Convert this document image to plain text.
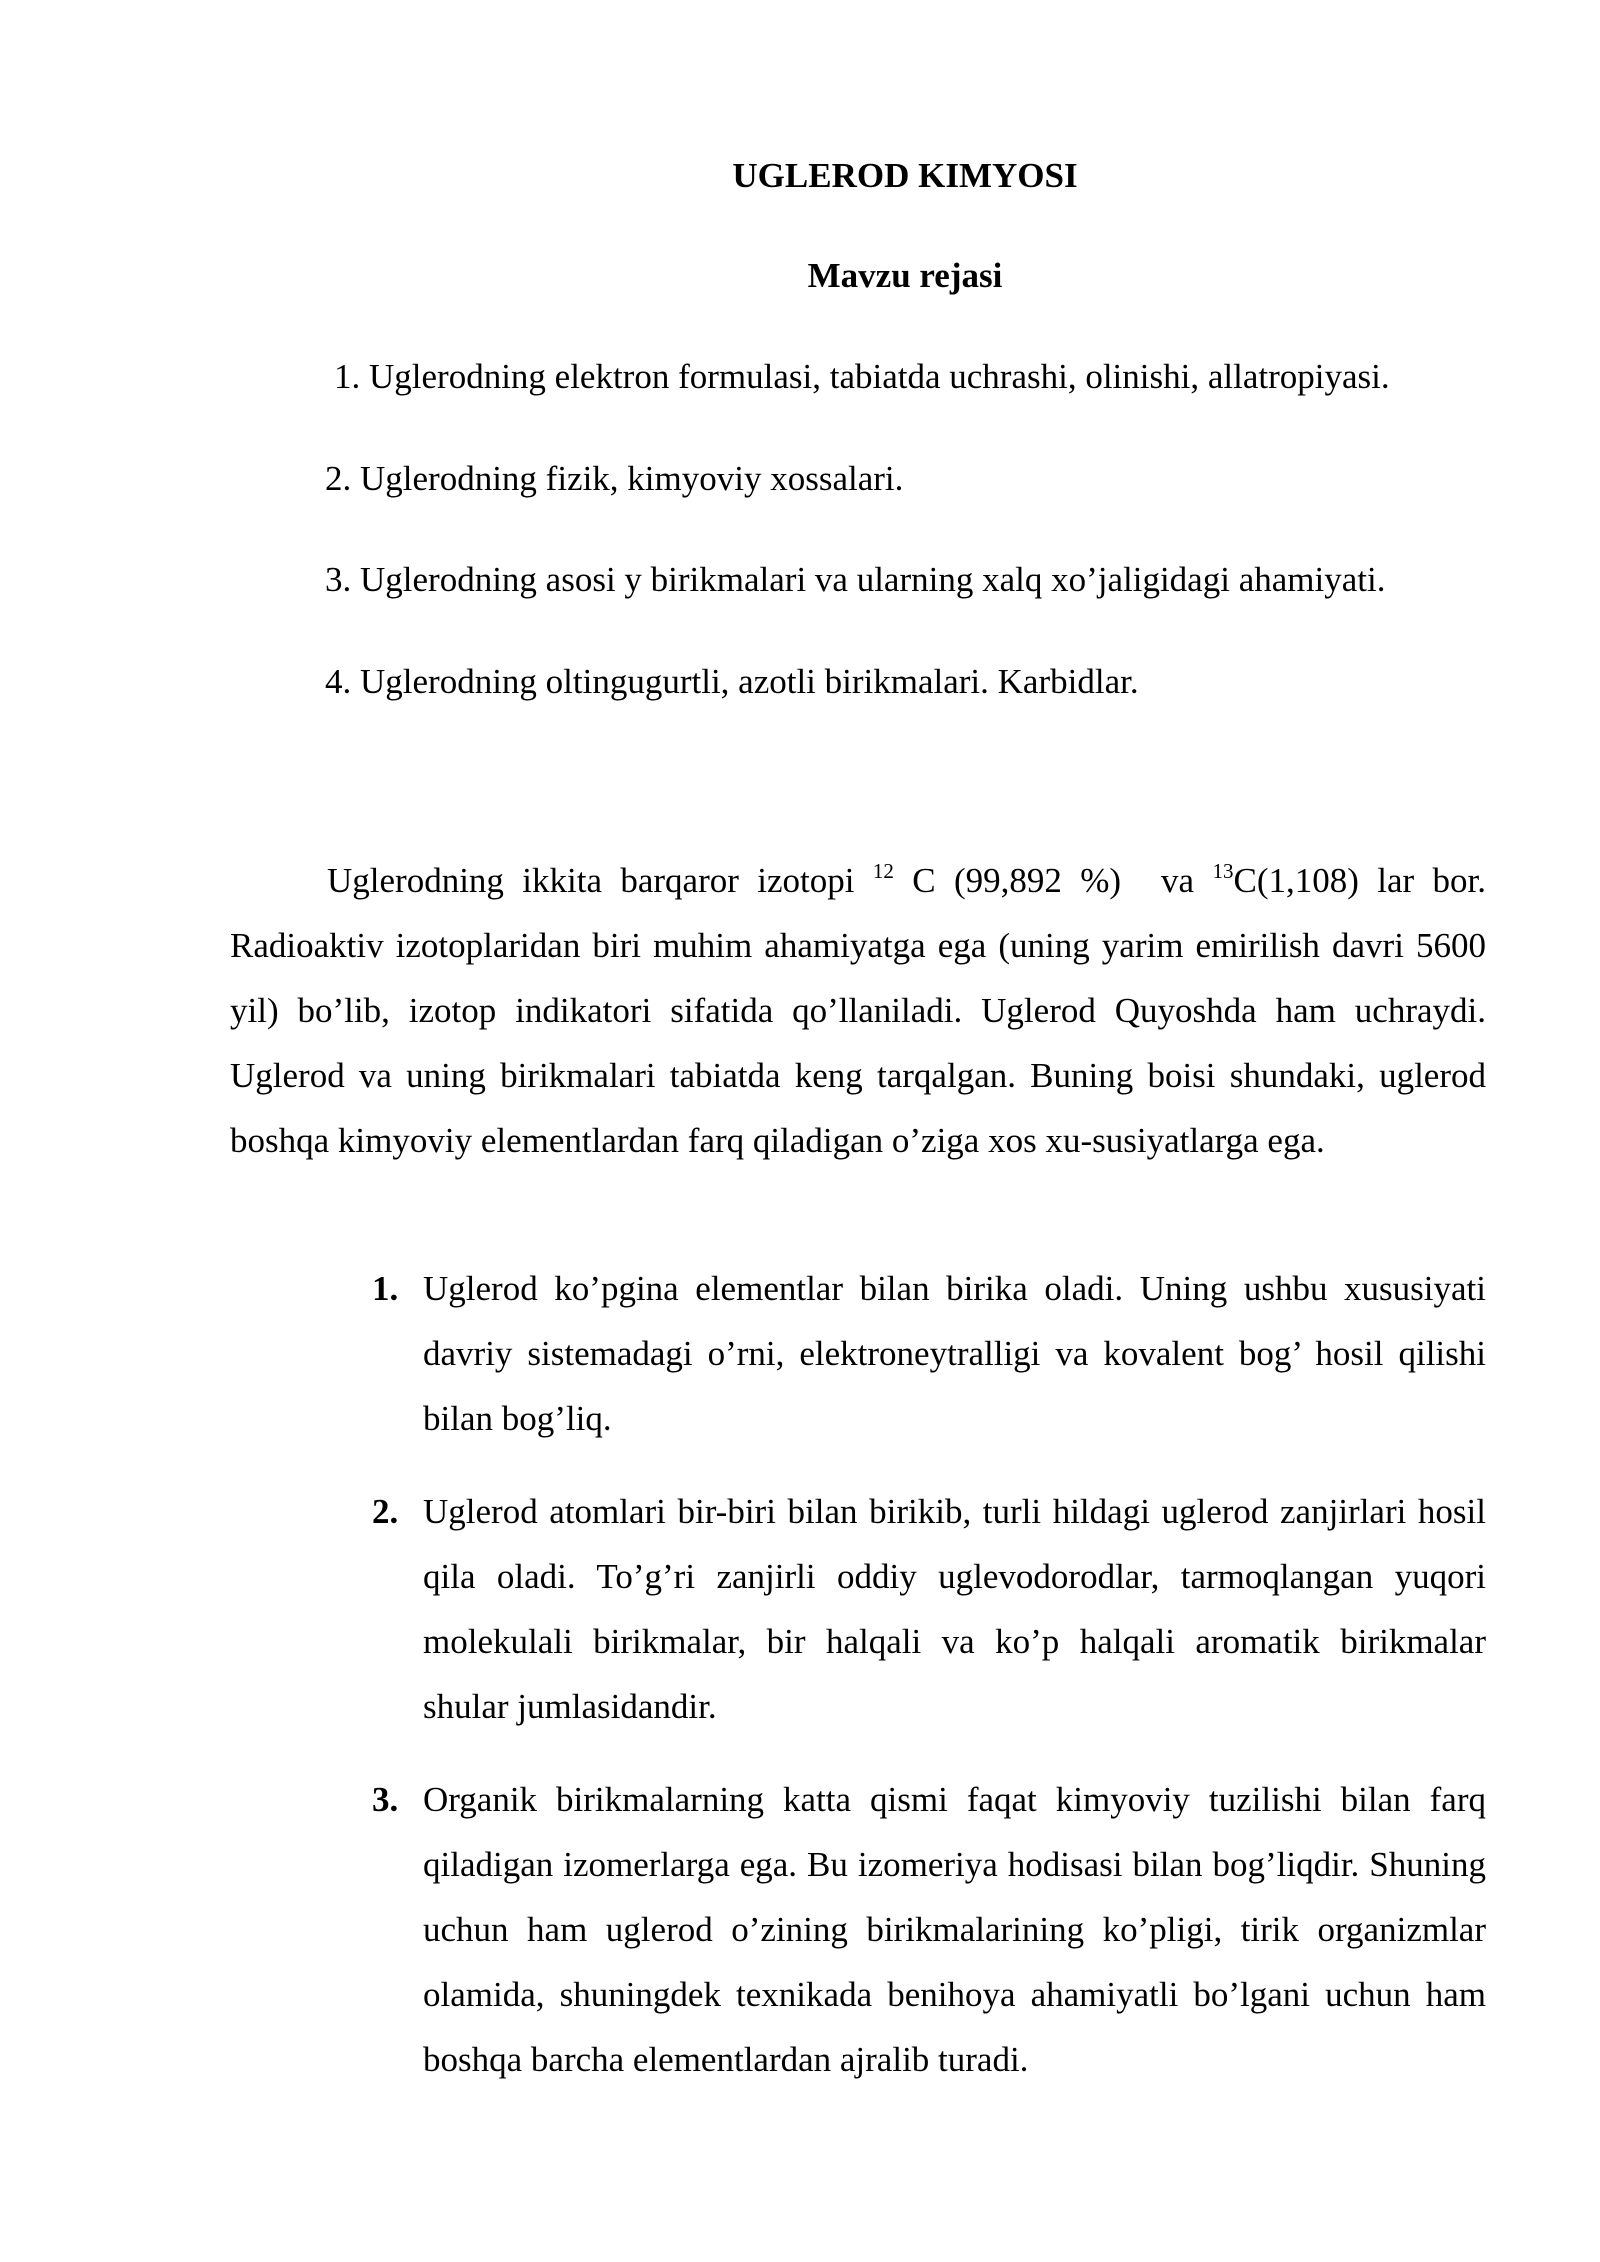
UGLEROD KIMYOSI
Mavzu rejasi

1. Uglerodning elektron formulasi, tabiatda uchrashi, olinishi, allatropiyasi.

2. Uglerodning fizik, kimyoviy xossalari.

3. Uglerodning asosi y birikmalari va ularning xalq xo’jaligidagi ahamiyati.

4. Uglerodning oltingugurtli, azotli birikmalari. Karbidlar.

Uglerodning ikkita barqaror izotopi $^{12}$ C (99,892 %) va $^{13}$C(1,108) lar bor.
Radioaktiv izotoplaridan biri muhim ahamiyatga ega (uning yarim emirilish davri 5600 yil) bo’lib, izotop indikatori sifatida qo’llaniladi. Uglerod Quyoshda ham uchraydi. Uglerod va uning birikmalari tabiatda keng tarqalgan. Buning boisi shundaki, uglerod boshqa kimyoviy elementlardan farq qiladigan o’ziga xos xu-susiyatlarga ega.
1. Uglerod ko’pgina elementlar bilan birika oladi. Uning ushbu xususiyati davriy sistemadagi o’rni, elektroneytralligi va kovalent bog’ hosil qilishi bilan bog’liq.
2. Uglerod atomlari bir-biri bilan birikib, turli hildagi uglerod zanjirlari hosil qila oladi. To’g’ri zanjirli oddiy uglevodorodlar, tarmoqlangan yuqori molekulali birikmalar, bir halqali va ko’p halqali aromatik birikmalar shular jumlasidandir.
3. Organik birikmalarning katta qismi faqat kimyoviy tuzilishi bilan farq qiladigan izomerlarga ega. Bu izomeriya hodisasi bilan bog’liqdir. Shuning uchun ham uglerod o’zining birikmalarining ko’pligi, tirik organizmlar olamida, shuningdek texnikada benihoya ahamiyatli bo’lgani uchun ham boshqa barcha elementlardan ajralib turadi.
